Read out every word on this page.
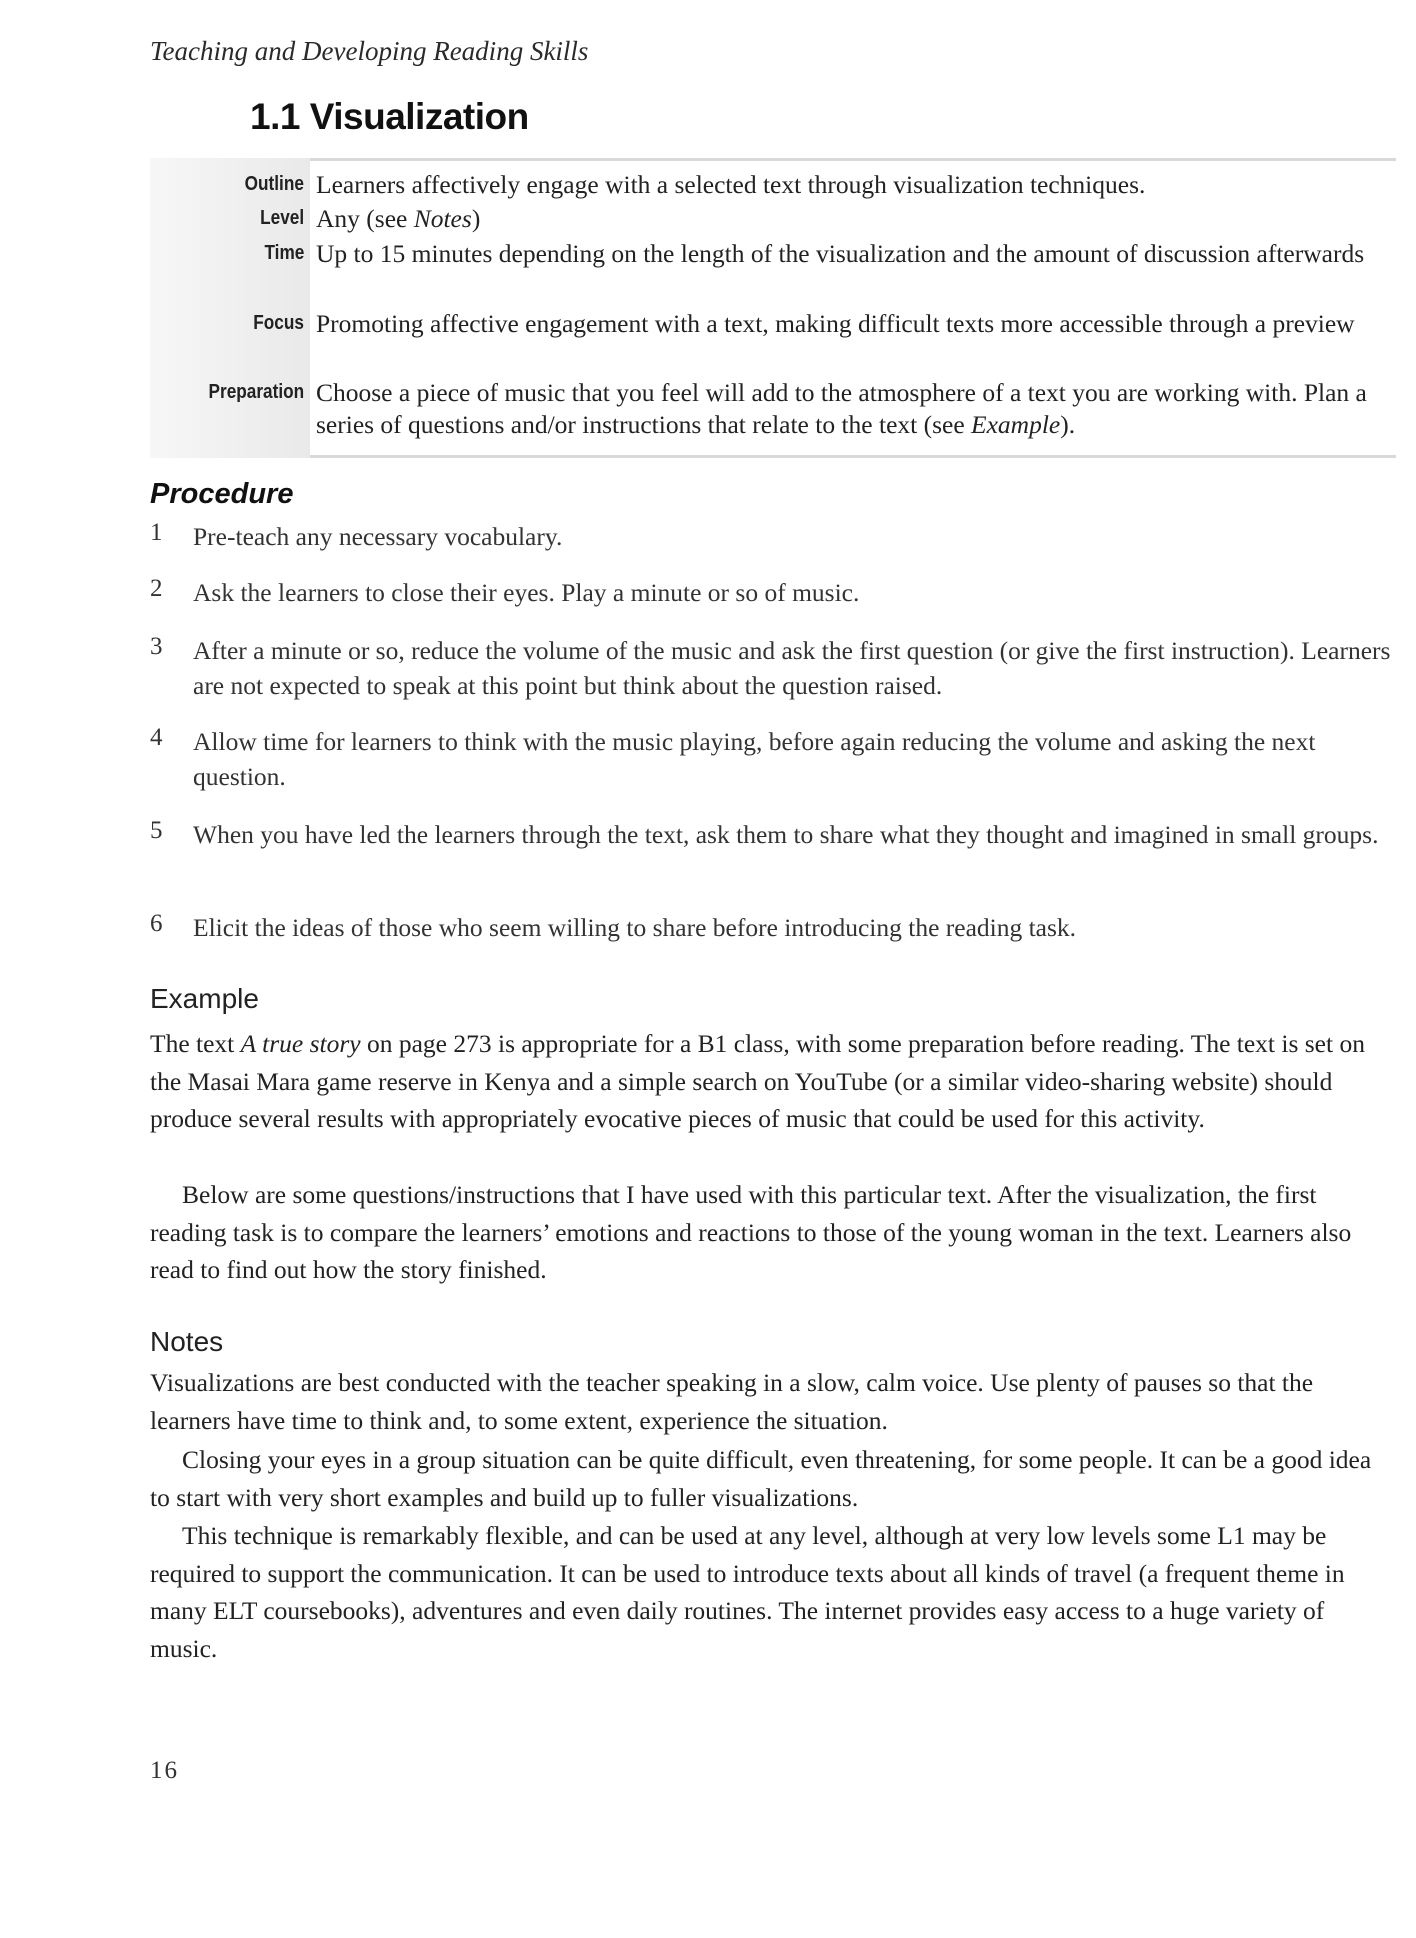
Teaching and Developing Reading Skills
1.1 Visualization
Outline Learners affectively engage with a selected text through visualization techniques.
Level Any (see Notes)
Time Up to 15 minutes depending on the length of the visualization and the amount of discussion afterwards
Focus Promoting affective engagement with a text, making difficult texts more accessible through a preview
Preparation Choose a piece of music that you feel will add to the atmosphere of a text you are working with. Plan a series of questions and/or instructions that relate to the text (see Example).
Procedure
1 Pre-teach any necessary vocabulary.
2 Ask the learners to close their eyes. Play a minute or so of music.
3 After a minute or so, reduce the volume of the music and ask the first question (or give the first instruction). Learners are not expected to speak at this point but think about the question raised.
4 Allow time for learners to think with the music playing, before again reducing the volume and asking the next question.
5 When you have led the learners through the text, ask them to share what they thought and imagined in small groups.
6 Elicit the ideas of those who seem willing to share before introducing the reading task.
Example
The text A true story on page 273 is appropriate for a B1 class, with some preparation before reading. The text is set on the Masai Mara game reserve in Kenya and a simple search on YouTube (or a similar video-sharing website) should produce several results with appropriately evocative pieces of music that could be used for this activity.
Below are some questions/instructions that I have used with this particular text. After the visualization, the first reading task is to compare the learners’ emotions and reactions to those of the young woman in the text. Learners also read to find out how the story finished.
Notes
Visualizations are best conducted with the teacher speaking in a slow, calm voice. Use plenty of pauses so that the learners have time to think and, to some extent, experience the situation.
Closing your eyes in a group situation can be quite difficult, even threatening, for some people. It can be a good idea to start with very short examples and build up to fuller visualizations.
This technique is remarkably flexible, and can be used at any level, although at very low levels some L1 may be required to support the communication. It can be used to introduce texts about all kinds of travel (a frequent theme in many ELT coursebooks), adventures and even daily routines. The internet provides easy access to a huge variety of music.
16
